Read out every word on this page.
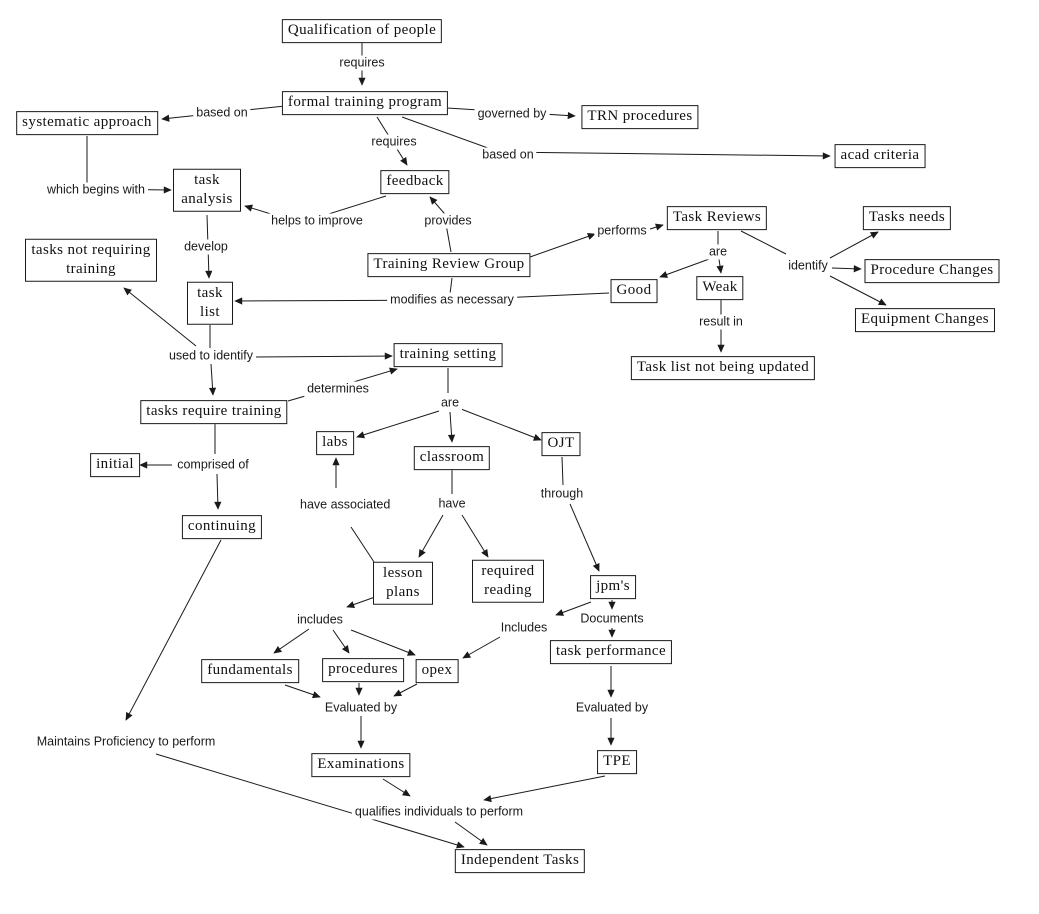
Qualification of people
formal training program
systematic approach	TRN procedures
acad criteria
feedback
task analysis
Training Review Group
Task Reviews	Tasks needs
Procedure Changes
Equipment Changes
Good	Weak
Task list not being updated
tasks not requiring training
task list
training setting
tasks require training
initial
continuing
labs
classroom
OJT
lesson plans
required reading	jpm's
task performance
fundamentals	procedures	opex
Examinations	TPE
Independent Tasks
requires
based on	governed by
requires
based on
which begins with
helps to improve	provides
performs
develop	are
identify
modifies as necessary
result in
used to identify
determines
comprised of
are
have associated	have
through
includes
Includes
Documents
Evaluated by	Evaluated by
Maintains Proficiency to perform
qualifies individuals to perform
